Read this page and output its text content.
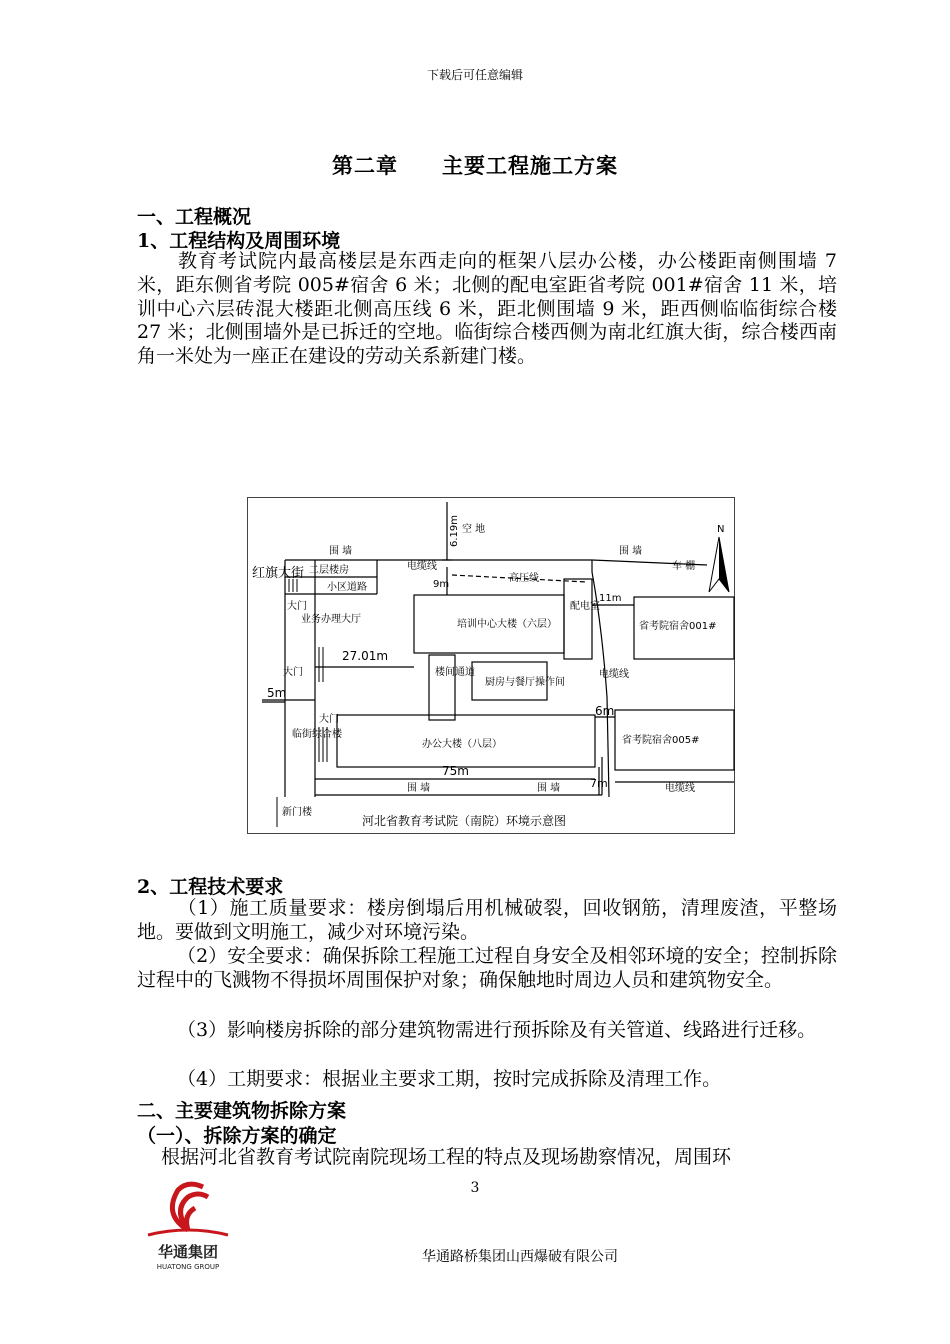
下载后可任意编辑
第二章 主要工程施工方案
一、工程概况
1、工程结构及周围环境
教育考试院内最高楼层是东西走向的框架八层办公楼，办公楼距南侧围墙 7 米，距东侧省考院 005#宿舍 6 米；北侧的配电室距省考院 001#宿舍 11 米，培训中心六层砖混大楼距北侧高压线 6 米，距北侧围墙 9 米，距西侧临临街综合楼 27 米；北侧围墙外是已拆迁的空地。临街综合楼西侧为南北红旗大街，综合楼西南角一米处为一座正在建设的劳动关系新建门楼。
N
空 地
6.19m
围 墙	围 墙
电缆线	车 棚
二层楼房
小区道路
高压线
9m
11m
大门
业务办理大厅	培训中心大楼（六层）
配电室
省考院宿舍001#
红旗大街
27.01m
大门
5m
楼间通道
厨房与餐厅操作间
电缆线
6m
临街综合楼
大门
办公大楼（八层）	省考院宿舍005#
75m
围 墙	围 墙	7m	电缆线
新门楼
河北省教育考试院（南院）环境示意图
2、工程技术要求
（1）施工质量要求：楼房倒塌后用机械破裂，回收钢筋，清理废渣，平整场地。要做到文明施工，减少对环境污染。
（2）安全要求：确保拆除工程施工过程自身安全及相邻环境的安全；控制拆除过程中的飞溅物不得损坏周围保护对象；确保触地时周边人员和建筑物安全。
（3）影响楼房拆除的部分建筑物需进行预拆除及有关管道、线路进行迁移。
（4）工期要求：根据业主要求工期，按时完成拆除及清理工作。
二、主要建筑物拆除方案
（一）、拆除方案的确定
根据河北省教育考试院南院现场工程的特点及现场勘察情况，周围环
3
华通集团
HUATONG GROUP
华通路桥集团山西爆破有限公司
